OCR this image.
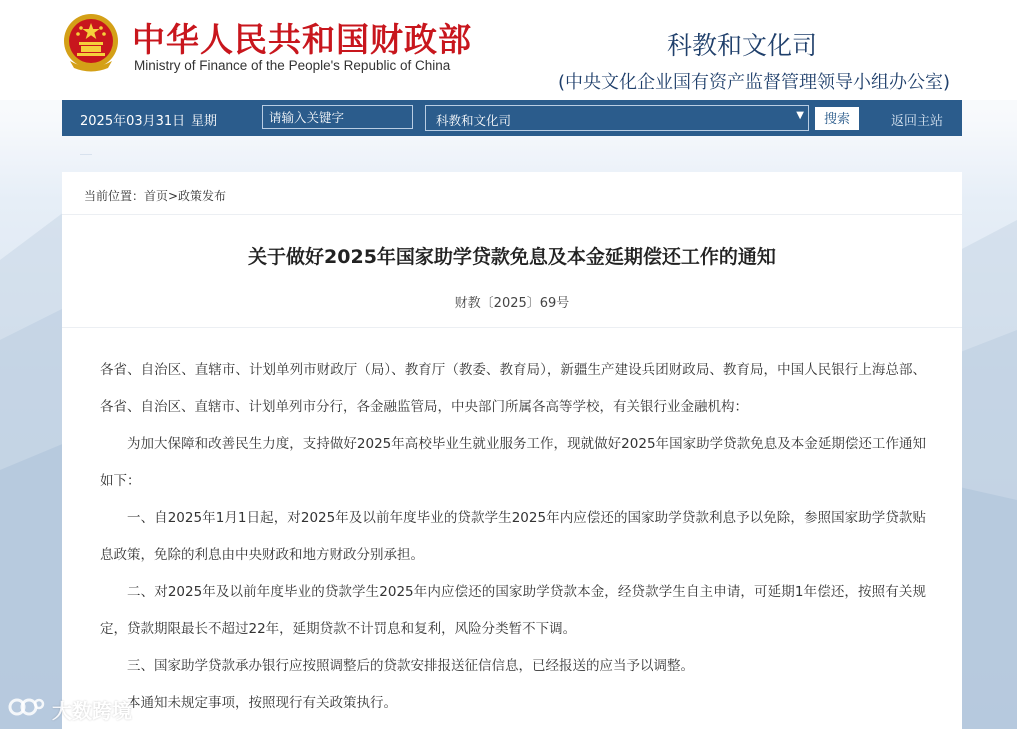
中华人民共和国财政部
Ministry of Finance of the People's Republic of China
科教和文化司
(中央文化企业国有资产监督管理领导小组办公室)
2025年03月31日 星期
请输入关键字	科教和文化司	▼	搜索	返回主站
当前位置：首页>政策发布
关于做好2025年国家助学贷款免息及本金延期偿还工作的通知
财教〔2025〕69号

各省、自治区、直辖市、计划单列市财政厅（局）、教育厅（教委、教育局），新疆生产建设兵团财政局、教育局，中国人民银行上海总部、各省、自治区、直辖市、计划单列市分行，各金融监管局，中央部门所属各高等学校，有关银行业金融机构：

为加大保障和改善民生力度，支持做好2025年高校毕业生就业服务工作，现就做好2025年国家助学贷款免息及本金延期偿还工作通知如下：

一、自2025年1月1日起，对2025年及以前年度毕业的贷款学生2025年内应偿还的国家助学贷款利息予以免除，参照国家助学贷款贴息政策，免除的利息由中央财政和地方财政分别承担。

二、对2025年及以前年度毕业的贷款学生2025年内应偿还的国家助学贷款本金，经贷款学生自主申请，可延期1年偿还，按照有关规定，贷款期限最长不超过22年，延期贷款不计罚息和复利，风险分类暂不下调。

三、国家助学贷款承办银行应按照调整后的贷款安排报送征信信息，已经报送的应当予以调整。

本通知未规定事项，按照现行有关政策执行。

大数跨境
